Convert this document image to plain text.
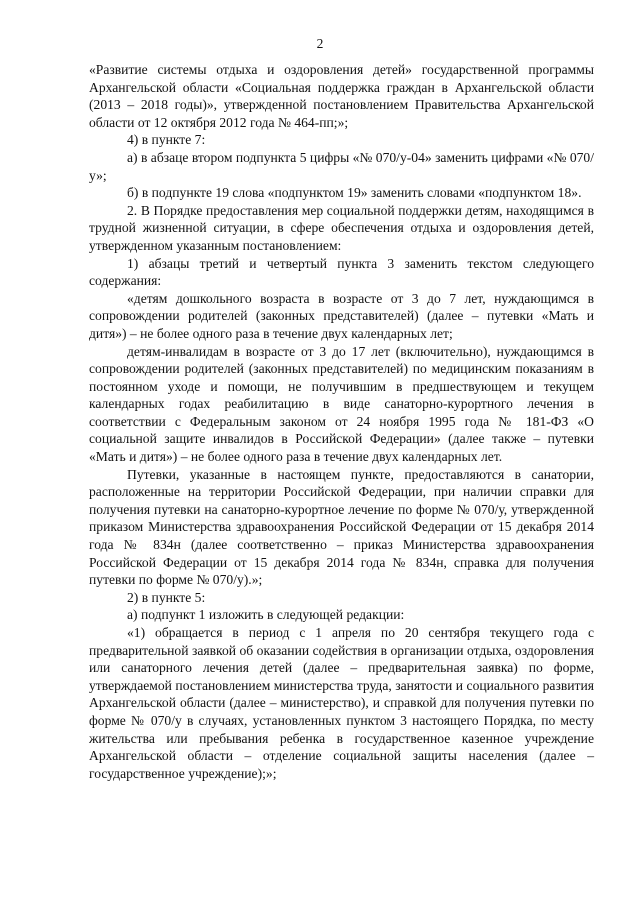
2

«Развитие системы отдыха и оздоровления детей» государственной программы Архангельской области «Социальная поддержка граждан в Архангельской области (2013 – 2018 годы)», утвержденной постановлением Правительства Архангельской области от 12 октября 2012 года № 464-пп;»;

4) в пункте 7:

а) в абзаце втором подпункта 5 цифры «№ 070/у-04» заменить цифрами «№ 070/у»;

б) в подпункте 19 слова «подпунктом 19» заменить словами «подпунктом 18».

2. В Порядке предоставления мер социальной поддержки детям, находящимся в трудной жизненной ситуации, в сфере обеспечения отдыха и оздоровления детей, утвержденном указанным постановлением:

1) абзацы третий и четвертый пункта 3 заменить текстом следующего содержания:

«детям дошкольного возраста в возрасте от 3 до 7 лет, нуждающимся в сопровождении родителей (законных представителей) (далее – путевки «Мать и дитя») – не более одного раза в течение двух календарных лет;

детям-инвалидам в возрасте от 3 до 17 лет (включительно), нуждающимся в сопровождении родителей (законных представителей) по медицинским показаниям в постоянном уходе и помощи, не получившим в предшествующем и текущем календарных годах реабилитацию в виде санаторно-курортного лечения в соответствии с Федеральным законом от 24 ноября 1995 года № 181-ФЗ «О социальной защите инвалидов в Российской Федерации» (далее также – путевки «Мать и дитя») – не более одного раза в течение двух календарных лет.

Путевки, указанные в настоящем пункте, предоставляются в санатории, расположенные на территории Российской Федерации, при наличии справки для получения путевки на санаторно-курортное лечение по форме № 070/у, утвержденной приказом Министерства здравоохранения Российской Федерации от 15 декабря 2014 года № 834н (далее соответственно – приказ Министерства здравоохранения Российской Федерации от 15 декабря 2014 года № 834н, справка для получения путевки по форме № 070/у).»;

2) в пункте 5:

а) подпункт 1 изложить в следующей редакции:

«1) обращается в период с 1 апреля по 20 сентября текущего года с предварительной заявкой об оказании содействия в организации отдыха, оздоровления или санаторного лечения детей (далее – предварительная заявка) по форме, утверждаемой постановлением министерства труда, занятости и социального развития Архангельской области (далее – министерство), и справкой для получения путевки по форме № 070/у в случаях, установленных пунктом 3 настоящего Порядка, по месту жительства или пребывания ребенка в государственное казенное учреждение Архангельской области – отделение социальной защиты населения (далее – государственное учреждение);»;
